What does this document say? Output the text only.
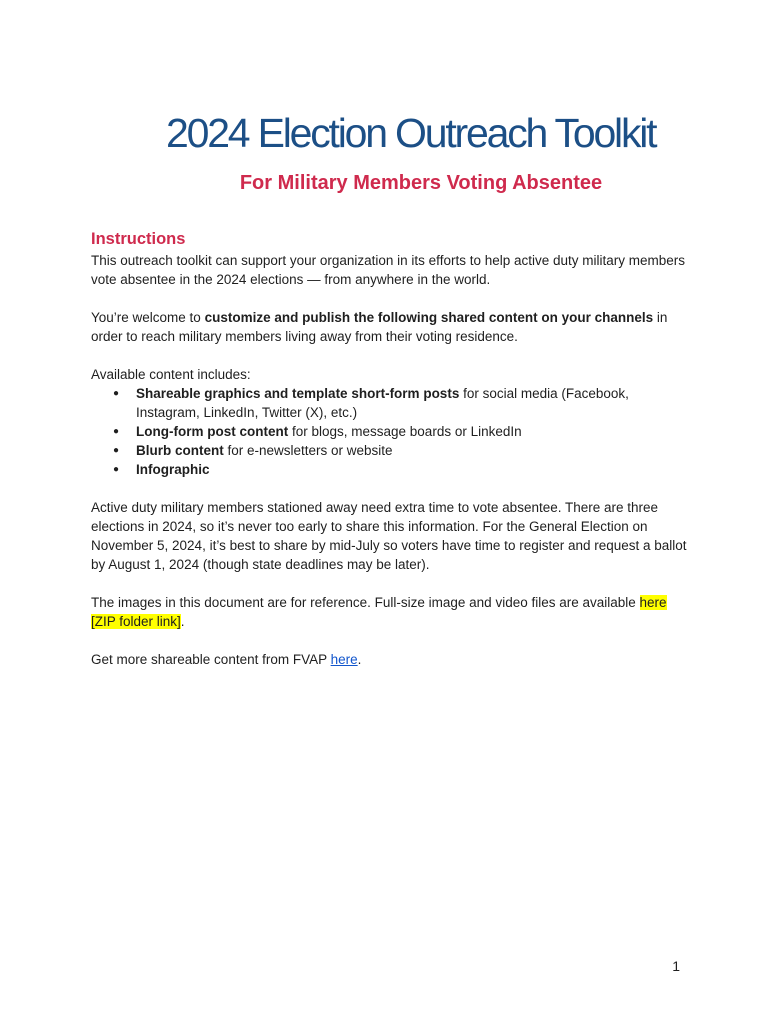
2024 Election Outreach Toolkit
For Military Members Voting Absentee
Instructions

This outreach toolkit can support your organization in its efforts to help active duty military members vote absentee in the 2024 elections — from anywhere in the world.

You’re welcome to customize and publish the following shared content on your channels in order to reach military members living away from their voting residence.

Available content includes:

● Shareable graphics and template short-form posts for social media (Facebook, Instagram, LinkedIn, Twitter (X), etc.)
● Long-form post content for blogs, message boards or LinkedIn
● Blurb content for e-newsletters or website
● Infographic

Active duty military members stationed away need extra time to vote absentee. There are three elections in 2024, so it’s never too early to share this information. For the General Election on November 5, 2024, it’s best to share by mid-July so voters have time to register and request a ballot by August 1, 2024 (though state deadlines may be later).

The images in this document are for reference. Full-size image and video files are available here [ZIP folder link].

Get more shareable content from FVAP here.

1
